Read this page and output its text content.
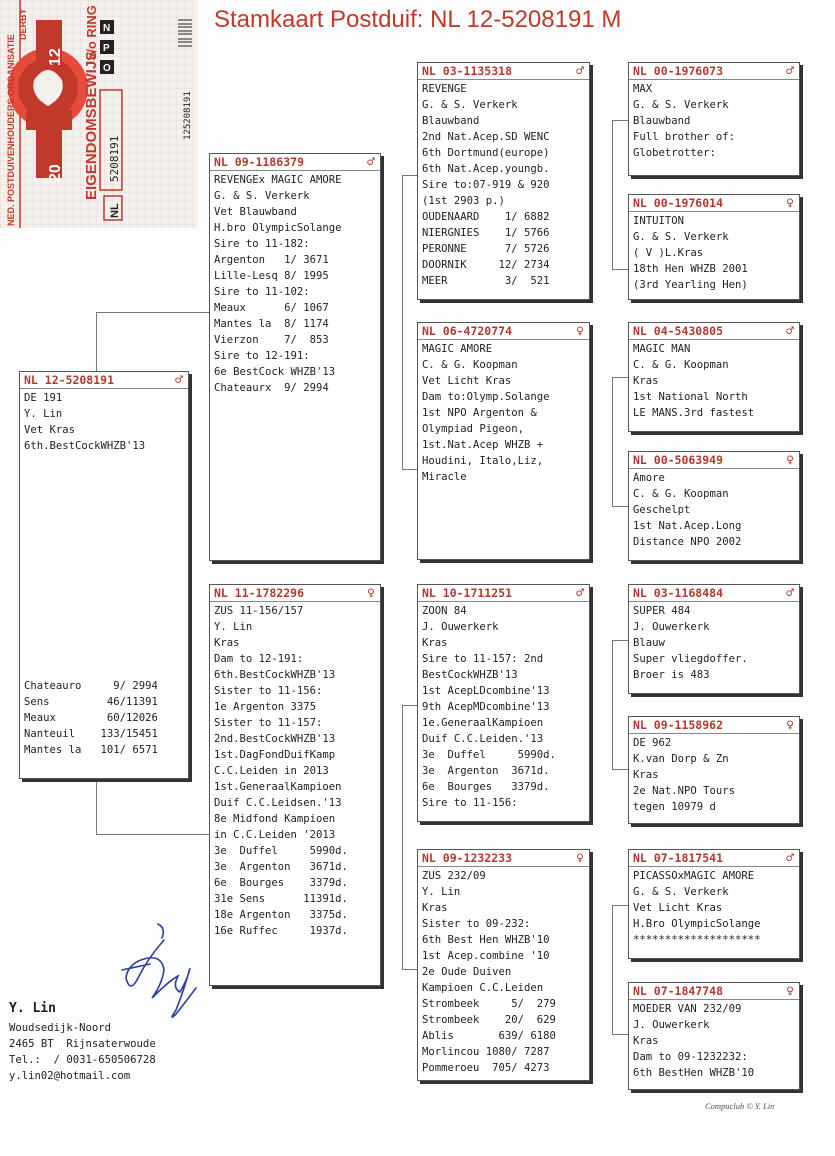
Stamkaart Postduif: NL 12-5208191 M
NED. POSTDUIVENHOUDERS ORGANISATIE 20
12
DERBY
EIGENDOMSBEWIJS
v/o RING
NL
5208191
125208191
N
P
O
NL 12-5208191	♂
DE 191
Y. Lin
Vet Kras
6th.BestCockWHZB'13
Chateauro     9/ 2994
Sens         46/11391
Meaux        60/12026
Nanteuil    133/15451
Mantes la   101/ 6571
NL 09-1186379	♂
REVENGEx MAGIC AMORE
G. & S. Verkerk
Vet Blauwband
H.bro OlympicSolange
Sire to 11-182:
Argenton   1/ 3671
Lille-Lesq 8/ 1995
Sire to 11-102:
Meaux      6/ 1067
Mantes la  8/ 1174
Vierzon    7/  853
Sire to 12-191:
6e BestCock WHZB'13
Chateaurx  9/ 2994
NL 11-1782296	♀
ZUS 11-156/157
Y. Lin
Kras
Dam to 12-191:
6th.BestCockWHZB'13
Sister to 11-156:
1e Argenton 3375
Sister to 11-157:
2nd.BestCockWHZB'13
1st.DagFondDuifKamp
C.C.Leiden in 2013
1st.GeneraalKampioen
Duif C.C.Leidsen.'13
8e Midfond Kampioen
in C.C.Leiden '2013
3e  Duffel     5990d.
3e  Argenton   3671d.
6e  Bourges    3379d.
31e Sens      11391d.
18e Argenton   3375d.
16e Ruffec     1937d.
NL 03-1135318	♂
REVENGE
G. & S. Verkerk
Blauwband
2nd Nat.Acep.SD WENC
6th Dortmund(europe)
6th Nat.Acep.youngb.
Sire to:07-919 & 920
(1st 2903 p.)
OUDENAARD    1/ 6882
NIERGNIES    1/ 5766
PERONNE      7/ 5726
DOORNIK     12/ 2734
MEER         3/  521
NL 06-4720774	♀
MAGIC AMORE
C. & G. Koopman
Vet Licht Kras
Dam to:Olymp.Solange
1st NPO Argenton &
Olympiad Pigeon,
1st.Nat.Acep WHZB +
Houdini, Italo,Liz,
Miracle
NL 10-1711251	♂
ZOON 84
J. Ouwerkerk
Kras
Sire to 11-157: 2nd
BestCockWHZB'13
1st AcepLDcombine'13
9th AcepMDcombine'13
1e.GeneraalKampioen
Duif C.C.Leiden.'13
3e  Duffel     5990d.
3e  Argenton  3671d.
6e  Bourges   3379d.
Sire to 11-156:
NL 09-1232233	♀
ZUS 232/09
Y. Lin
Kras
Sister to 09-232:
6th Best Hen WHZB'10
1st Acep.combine '10
2e Oude Duiven
Kampioen C.C.Leiden
Strombeek     5/  279
Strombeek    20/  629
Ablis       639/ 6180
Morlincou 1080/ 7287
Pommeroeu  705/ 4273
NL 00-1976073	♂
MAX
G. & S. Verkerk
Blauwband
Full brother of:
Globetrotter:
NL 00-1976014	♀
INTUITON
G. & S. Verkerk
( V )L.Kras
18th Hen WHZB 2001
(3rd Yearling Hen)
NL 04-5430805	♂
MAGIC MAN
C. & G. Koopman
Kras
1st National North
LE MANS.3rd fastest
NL 00-5063949	♀
Amore
C. & G. Koopman
Geschelpt
1st Nat.Acep.Long
Distance NPO 2002
NL 03-1168484	♂
SUPER 484
J. Ouwerkerk
Blauw
Super vliegdoffer.
Broer is 483
NL 09-1158962	♀
DE 962
K.van Dorp & Zn
Kras
2e Nat.NPO Tours
tegen 10979 d
NL 07-1817541	♂
PICASSOxMAGIC AMORE
G. & S. Verkerk
Vet Licht Kras
H.Bro OlympicSolange
********************
NL 07-1847748	♀
MOEDER VAN 232/09
J. Ouwerkerk
Kras
Dam to 09-1232232:
6th BestHen WHZB'10
Y. Lin
Woudsedijk-Noord
2465 BT  Rijnsaterwoude
Tel.:  / 0031-650506728
y.lin02@hotmail.com
Compuclub © Y. Lin
